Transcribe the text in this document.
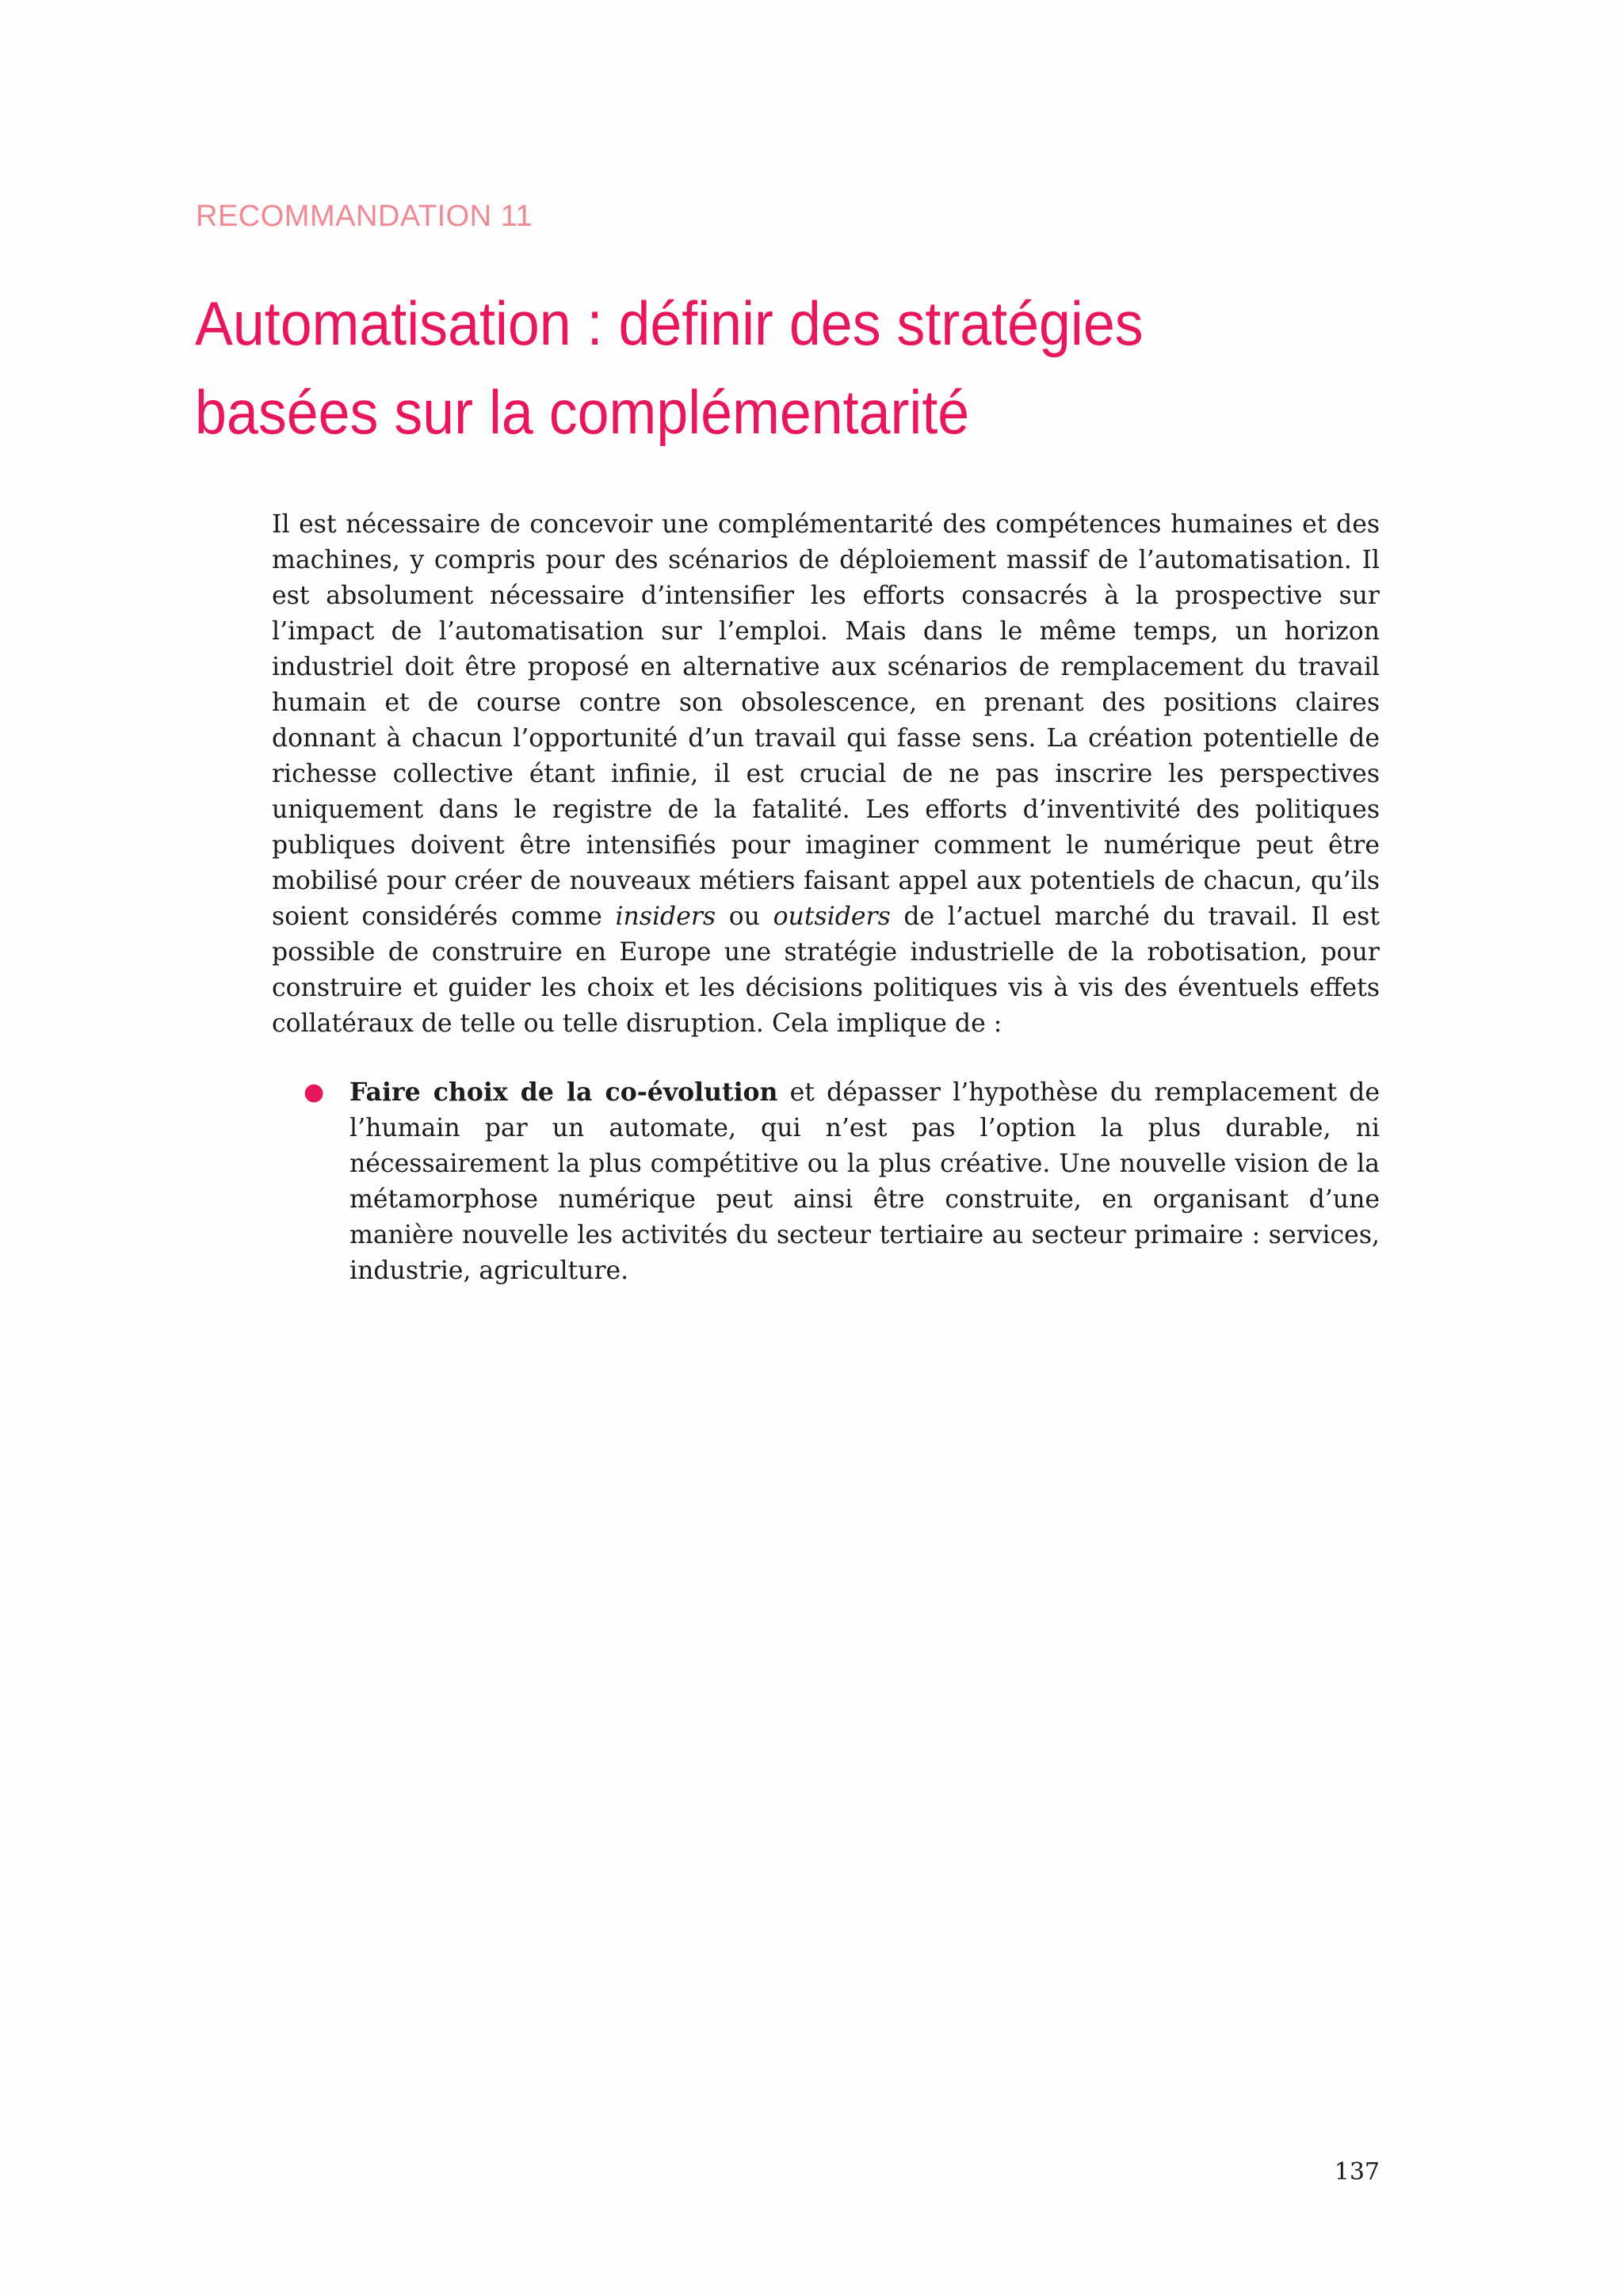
RECOMMANDATION 11
Automatisation : définir des stratégies basées sur la complémentarité

Il est nécessaire de concevoir une complémentarité des compétences humaines et des machines, y compris pour des scénarios de déploiement massif de l’automatisation. Il est absolument nécessaire d’intensifier les efforts consacrés à la prospective sur l’impact de l’automatisation sur l’emploi. Mais dans le même temps, un horizon industriel doit être proposé en alternative aux scénarios de remplacement du travail humain et de course contre son obsolescence, en prenant des positions claires donnant à chacun l’opportunité d’un travail qui fasse sens. La création potentielle de richesse collective étant infinie, il est crucial de ne pas inscrire les perspectives uniquement dans le registre de la fatalité. Les efforts d’inventivité des politiques publiques doivent être intensifiés pour imaginer comment le numérique peut être mobilisé pour créer de nouveaux métiers faisant appel aux potentiels de chacun, qu’ils soient considérés comme insiders ou outsiders de l’actuel marché du travail. Il est possible de construire en Europe une stratégie industrielle de la robotisation, pour construire et guider les choix et les décisions politiques vis à vis des éventuels effets collatéraux de telle ou telle disruption. Cela implique de :

● Faire choix de la co-évolution et dépasser l’hypothèse du remplacement de l’humain par un automate, qui n’est pas l’option la plus durable, ni nécessairement la plus compétitive ou la plus créative. Une nouvelle vision de la métamorphose numérique peut ainsi être construite, en organisant d’une manière nouvelle les activités du secteur tertiaire au secteur primaire : services, industrie, agriculture.
137
